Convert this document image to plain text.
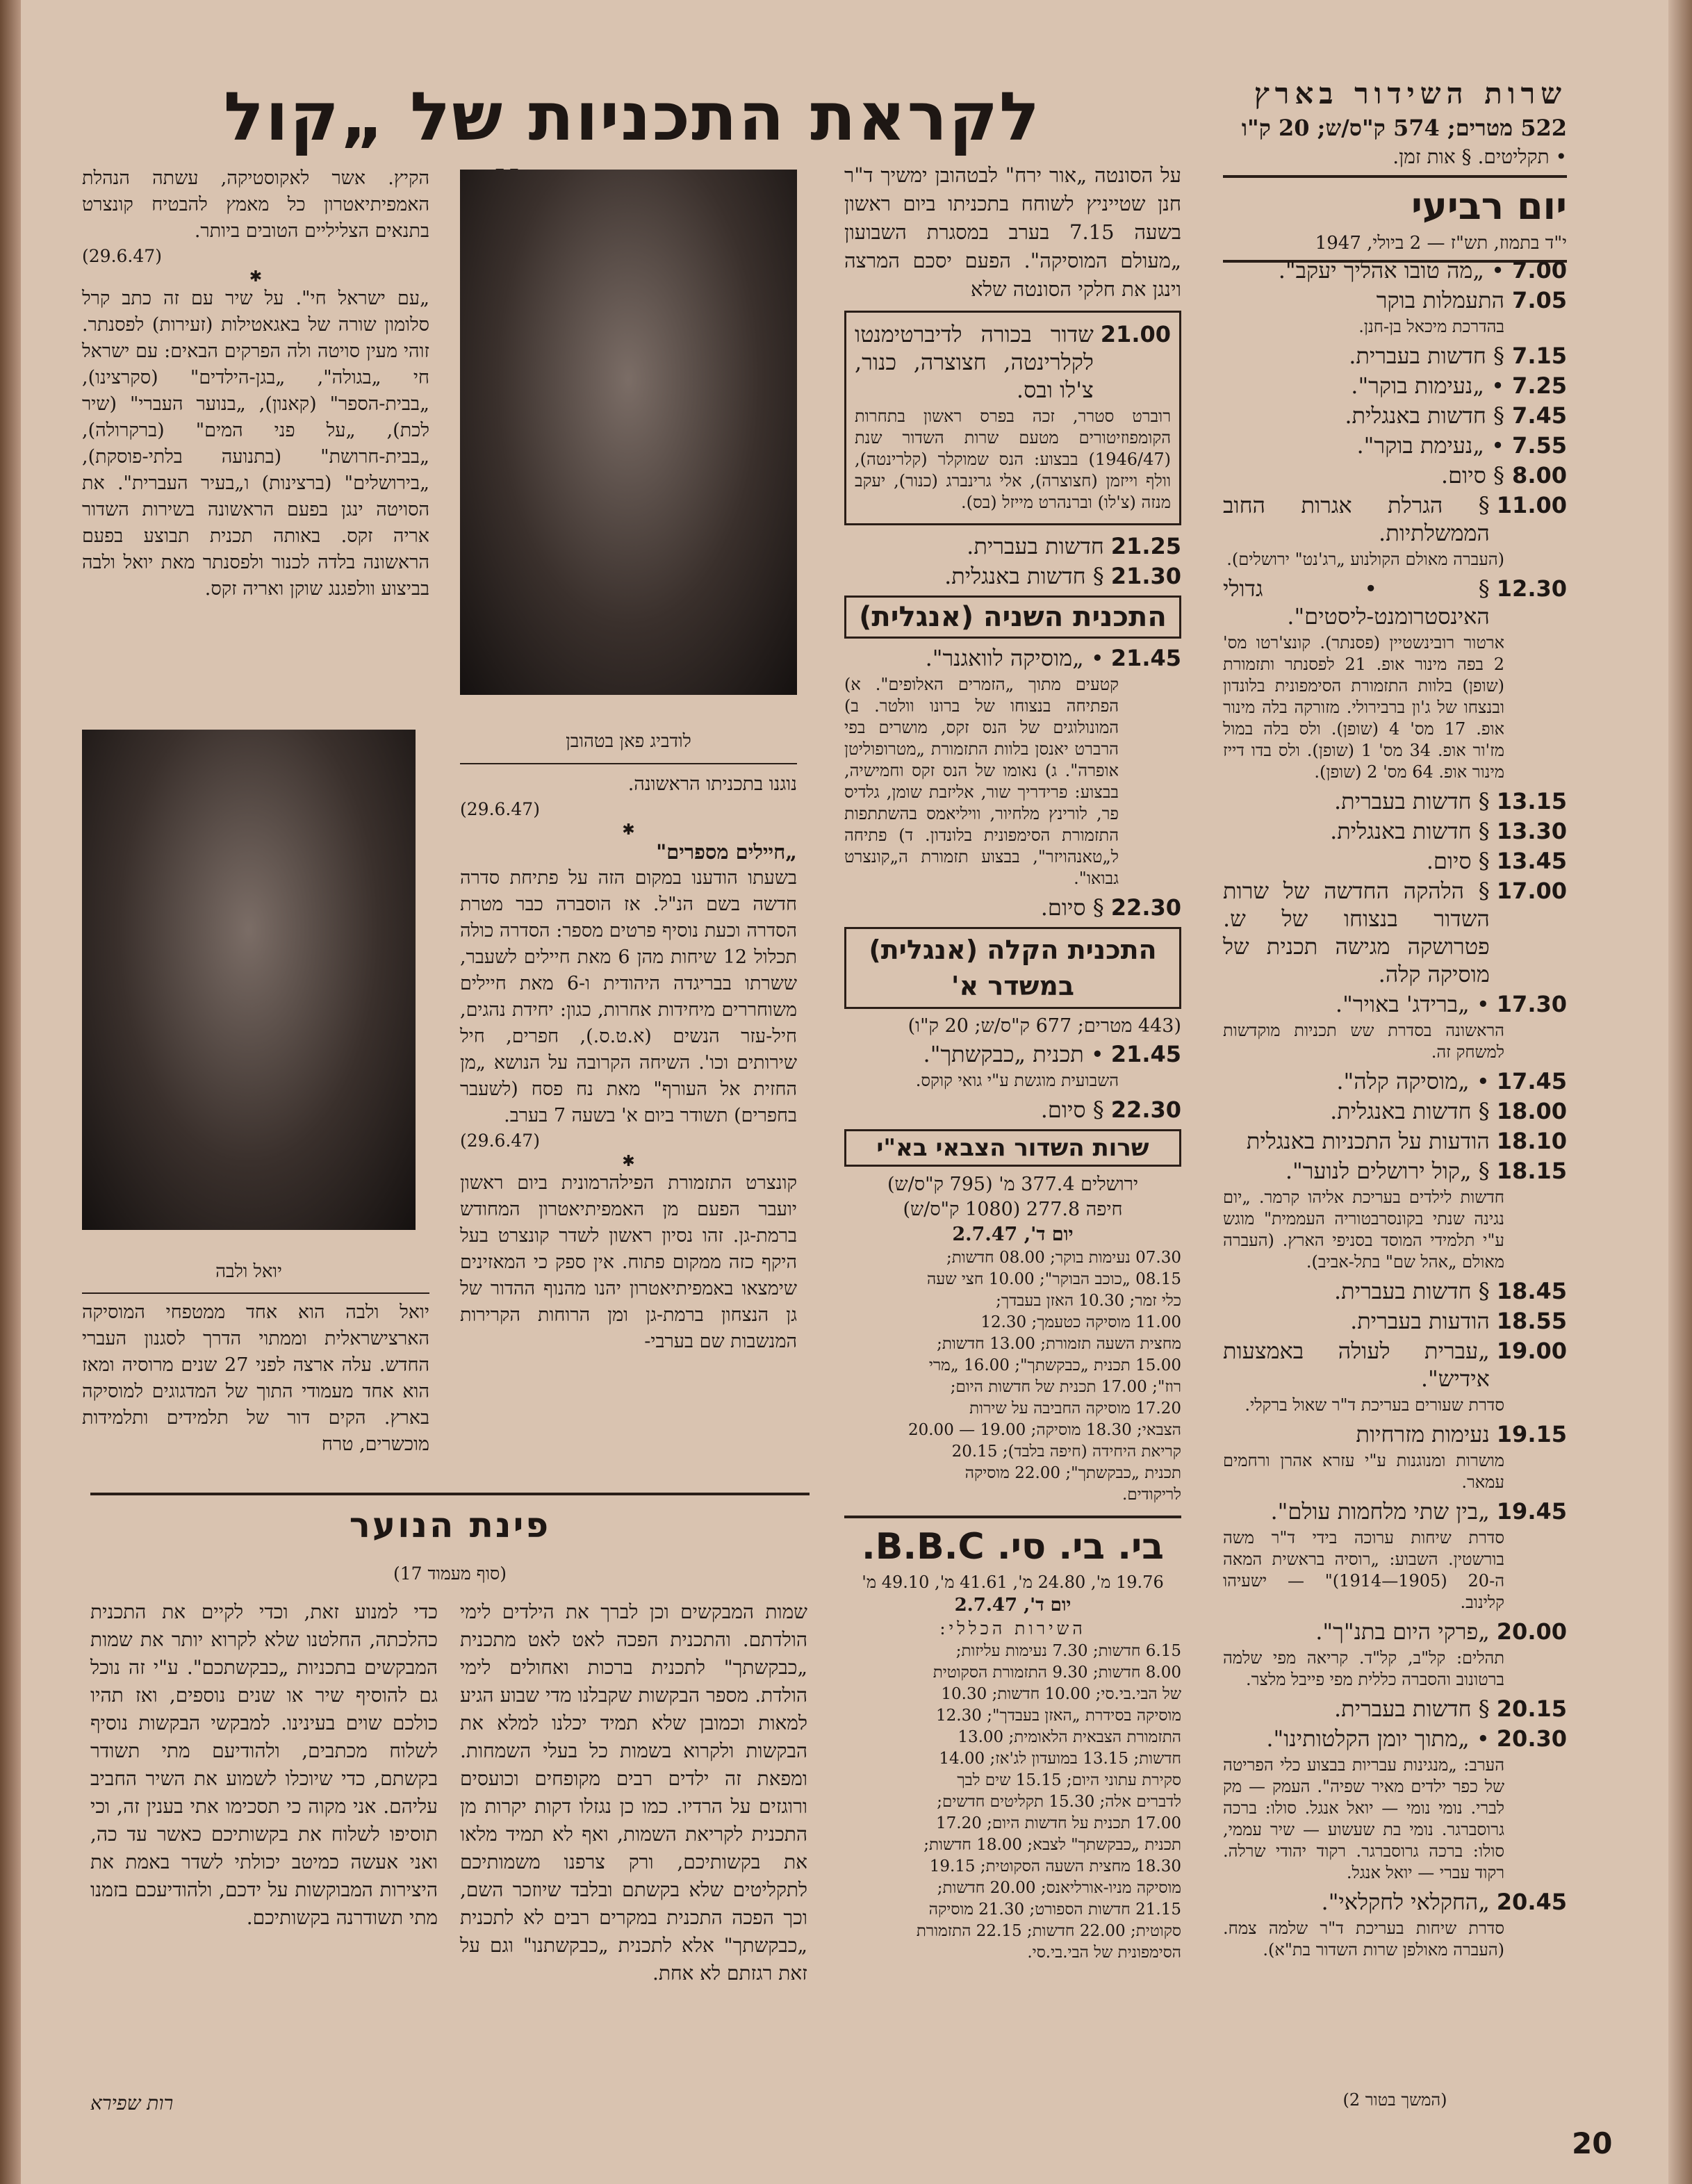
לקראת התכניות של „קול	שרות השידור בארץ
522 מטרים; 574 ק"ס/ש; 20 ק"ו
• תקליטים. § אות זמן.
יום רביעי
י"ד בתמוז, תש"ז — 2 ביולי, 1947
7.00
• „מה טובו אהליך יעקב".
7.05
התעמלות בוקר
בהדרכת מיכאל בן-חנן.
7.15
§ חדשות בעברית.
7.25
• „נעימות בוקר".
7.45
§ חדשות באנגלית.
7.55
• „נעימת בוקר".
8.00
§ סיום.
11.00
§ הגרלת אגרות החוב הממשלתיות.
(העברה מאולם הקולנוע „רג'נט" ירושלים).
12.30
§ • גדולי האינסטרומנט-ליסטים".
ארטור רובינשטיין (פסנתר). קונצ'רטו מס' 2 בפה מינור אופ. 21 לפסנתר ותזמורת (שופן) בלוות התזמורת הסימפונית בלונדון ובנצחו של ג'ון ברבירולי. מזורקה בלה מינור אופ. 17 מס' 4 (שופן). ולס בלה במול מז'ור אופ. 34 מס' 1 (שופן). ולס בדו דייז מינור אופ. 64 מס' 2 (שופן).
13.15
§ חדשות בעברית.
13.30
§ חדשות באנגלית.
13.45
§ סיום.
17.00
§ הלהקה החדשה של שרות השדור בנצוחו של ש. פטרושקה מגישה תכנית של מוסיקה קלה.
17.30
• „ברידג' באויר".
הראשונה בסדרת שש תכניות מוקדשות למשחק זה.
17.45
• „מוסיקה קלה".
18.00
§ חדשות באנגלית.
18.10
הודעות על התכניות באנגלית
18.15
§ „קול ירושלים לנוער".
חדשות לילדים בעריכת אליהו קרמר. „יום נגינה שנתי בקונסרבטוריה העממית" מוגש ע"י תלמידי המוסד בסניפי הארץ. (העברה מאולם „אהל שם" בתל-אביב).
18.45
§ חדשות בעברית.
18.55
הודעות בעברית.
19.00
„עברית לעולה באמצעות אידיש".
סדרת שעורים בעריכת ד"ר שאול ברקלי.
19.15
נעימות מזרחיות
מושרות ומנוגנות ע"י עזרא אהרן ורחמים עמאר.
19.45
„בין שתי מלחמות עולם".
סדרת שיחות ערוכה בידי ד"ר משה בורשטין. השבוע: „רוסיה בראשית המאה ה-20 (1905—1914)" — ישעיהו קלינוב.
20.00
„פרקי היום בתנ"ך".
תהלים: קל"ב, קל"ד. קריאה מפי שלמה ברטונוב והסברה כללית מפי פייבל מלצר.
20.15
§ חדשות בעברית.
20.30
• „מתוך יומן הקלטותינו".
הערב: „מנגינות עבריות בבצוע כלי הפריטה של כפר ילדים מאיר שפיה". העמק — מק לברי. נומי נומי — יואל אנגל. סולו: ברכה גרוסברגר. נומי בת שעשוע — שיר עממי, סולו: ברכה גרוסברגר. רקוד יהודי שרלה. רקוד עברי — יואל אנגל.
20.45
„החקלאי לחקלאי".
סדרת שיחות בעריכת ד"ר שלמה צמח. (העברה מאולפן שרות השדור בת"א).
(המשך בטור 2)
על הסונטה „אור ירח" לבטהובן ימשיך ד"ר חנן שטייניץ לשוחח בתכניתו ביום ראשון בשעה 7.15 בערב במסגרת השבועון „מעולם המוסיקה". הפעם יסכם המרצה וינגן את חלקי הסונטה שלא
21.00
שדור בכורה לדיברטימנטו לקלרינטה, חצוצרה, כנור, צ'לו ובס.
רוברט סטרר, זכה בפרס ראשון בתחרות הקומפוזיטורים מטעם שרות השדור שנת (1946/47) בבצוע: הנס שמוקלר (קלרינטה), וולף וייזמן (חצוצרה), אלי גרינברג (כנור), יעקב מנזה (צ'לו) וברנהרט מייזל (בס).
21.25
חדשות בעברית.
21.30
§ חדשות באנגלית.
התכנית השניה (אנגלית)
21.45
• „מוסיקה לוואגנר".
קטעים מתוך „הזמרים האלופים". א) הפתיחה בנצוחו של ברונו וולטר. ב) המונולוגים של הנס זקס, מושרים בפי הרברט יאנסן בלוות התזמורת „מטרופוליטן אופרה". ג) נאומו של הנס זקס וחמישיה, בבצוע: פרידריך שור, אליזבת שומן, גלדיס פר, לורינץ מלחיור, וויליאמס בהשתתפות התזמורת הסימפונית בלונדון. ד) פתיחה ל„טאנהויזר", בבצוע תזמורת ה„קונצרט גבואו".
22.30
§ סיום.
התכנית הקלה (אנגלית) במשדר א'
(443 מטרים; 677 ק"ס/ש; 20 ק"ו)
21.45
• תכנית „כבקשתך".
השבועית מוגשת ע"י גואי קוקס.
22.30
§ סיום.
שרות השדור הצבאי בא"י
ירושלים 377.4 מ' (795 ק"ס/ש)
חיפה 277.8 (1080 ק"ס/ש)
יום ד', 2.7.47
07.30 נעימות בוקר; 08.00 חדשות;
08.15 „כוכב הבוקר"; 10.00 חצי שעה
כלי זמר; 10.30 האזן בעבדך;
11.00 מוסיקה כטעמך; 12.30
מחצית השעה תזמורת; 13.00 חדשות;
15.00 תכנית „כבקשתך"; 16.00 „מרי
רוז"; 17.00 תכנית של חדשות היום;
17.20 מוסיקה החביבה על שירות
הצבאי; 18.30 מוסיקה; 19.00 — 20.00
קריאת היחידה (חיפה בלבד); 20.15
תכנית „כבקשתך"; 22.00 מוסיקה
לריקודים.
בי. בי. סי. B.B.C.
19.76 מ', 24.80 מ', 41.61 מ', 49.10 מ'
יום ד', 2.7.47
השירות הכללי:
6.15 חדשות; 7.30 נעימות עליזות;
8.00 חדשות; 9.30 התזמורת הסקוטית
של הבי.בי.סי; 10.00 חדשות; 10.30
מוסיקה בסידרת „האזן בעבדך"; 12.30
התזמורת הצבאית הלאומית; 13.00
חדשות; 13.15 במועדון לג'אז; 14.00
סקירת עתוני היום; 15.15 שים לבך
לדברים אלה; 15.30 תקליטים חדשים;
17.00 תכנית על חדשות היום; 17.20
תכנית „כבקשתך" לצבא; 18.00 חדשות;
18.30 מחצית השעה הסקוטית; 19.15
מוסיקה מניו-אורליאנס; 20.00 חדשות;
21.15 חדשות הספורט; 21.30 מוסיקה
סקוטית; 22.00 חדשות; 22.15 התזמורת
הסימפונית של הבי.בי.סי.
לודביג פאן בטהובן
נוגנו בתכניתו הראשונה.
(29.6.47)
✱
„חיילים מספרים"
בשעתו הודענו במקום הזה על פתיחת סדרה חדשה בשם הנ"ל. אז הוסברה כבר מטרת הסדרה וכעת נוסיף פרטים מספר: הסדרה כולה תכלול 12 שיחות מהן 6 מאת חיילים לשעבר, ששרתו בבריגדה היהודית ו-6 מאת חיילים משוחררים מיחידות אחרות, כגון: יחידת נהגים, חיל-עזר הנשים (א.ט.ס.), חפרים, חיל שירותים וכו'. השיחה הקרובה על הנושא „מן החזית אל העורף" מאת נח פסח (לשעבר בחפרים) תשודר ביום א' בשעה 7 בערב.
(29.6.47)
✱
קונצרט התזמורת הפילהרמונית ביום ראשון יועבר הפעם מן האמפיתיאטרון המחודש ברמת-גן. זהו נסיון ראשון לשדר קונצרט בעל היקף כזה ממקום פתוח. אין ספק כי המאזינים שימצאו באמפיתיאטרון יהנו מהנוף ההדור של גן הנצחון ברמת-גן ומן הרוחות הקרירות המנשבות שם בערבי-
הקיץ. אשר לאקוסטיקה, עשתה הנהלת האמפיתיאטרון כל מאמץ להבטיח קונצרט בתנאים הצליליים הטובים ביותר.
(29.6.47)
✱
„עם ישראל חי". על שיר עם זה כתב קרל סלומון שורה של באגאטילות (זעירות) לפסנתר. זוהי מעין סויטה ולה הפרקים הבאים: עם ישראל חי „בגולה", „בגן-הילדים" (סקרצינו), „בבית-הספר" (קאנון), „בנוער העברי" (שיר לכת), „על פני המים" (ברקרולה), „בבית-חרושת" (בתנועה בלתי-פוסקת), „בירושלים" (ברצינות) ו„בעיר העברית". את הסויטה ינגן בפעם הראשונה בשירות השדור אריה זקס. באותה תכנית תבוצע בפעם הראשונה בלדה לכנור ולפסנתר מאת יואל ולבה בביצוע וולפגנג שוקן ואריה זקס.
יואל ולבה
יואל ולבה הוא אחד ממטפחי המוסיקה הארצישראלית וממתוי הדרך לסגנון העברי החדש. עלה ארצה לפני 27 שנים מרוסיה ומאז הוא אחד מעמודי התוך של המדגוגים למוסיקה בארץ. הקים דור של תלמידים ותלמידות מוכשרים, טרח
פינת הנוער
(סוף מעמוד 17)
שמות המבקשים וכן לברך את הילדים לימי הולדתם. והתכנית הפכה לאט לאט מתכנית „כבקשתך" לתכנית ברכות ואחולים לימי הולדת. מספר הבקשות שקבלנו מדי שבוע הגיע למאות וכמובן שלא תמיד יכלנו למלא את הבקשות ולקרוא בשמות כל בעלי השמחות. ומפאת זה ילדים רבים מקופחים וכועסים ורוגזים על הרדיו. כמו כן נגזלו דקות יקרות מן התכנית לקריאת השמות, ואף לא תמיד מלאו את בקשותיכם, ורק צרפנו משמותיכם לתקליטים שלא בקשתם ובלבד שיוזכר השם, וכך הפכה התכנית במקרים רבים לא לתכנית „כבקשתך" אלא לתכנית „כבקשתנו" וגם על זאת רגזתם לא אחת.
כדי למנוע זאת, וכדי לקיים את התכנית כהלכתה, החלטנו שלא לקרוא יותר את שמות המבקשים בתכניות „כבקשתכם". ע"י זה נוכל גם להוסיף שיר או שנים נוספים, ואז תהיו כולכם שוים בעינינו. למבקשי הבקשות נוסיף לשלוח מכתבים, ולהודיעם מתי תשודר בקשתם, כדי שיוכלו לשמוע את השיר החביב עליהם. אני מקוה כי תסכימו אתי בענין זה, וכי תוסיפו לשלוח את בקשותיכם כאשר עד כה, ואני אעשה כמיטב יכולתי לשדר באמת את היצירות המבוקשות על ידכם, ולהודיעכם בזמנו מתי תשודרנה בקשותיכם.
רות שפירא
20
